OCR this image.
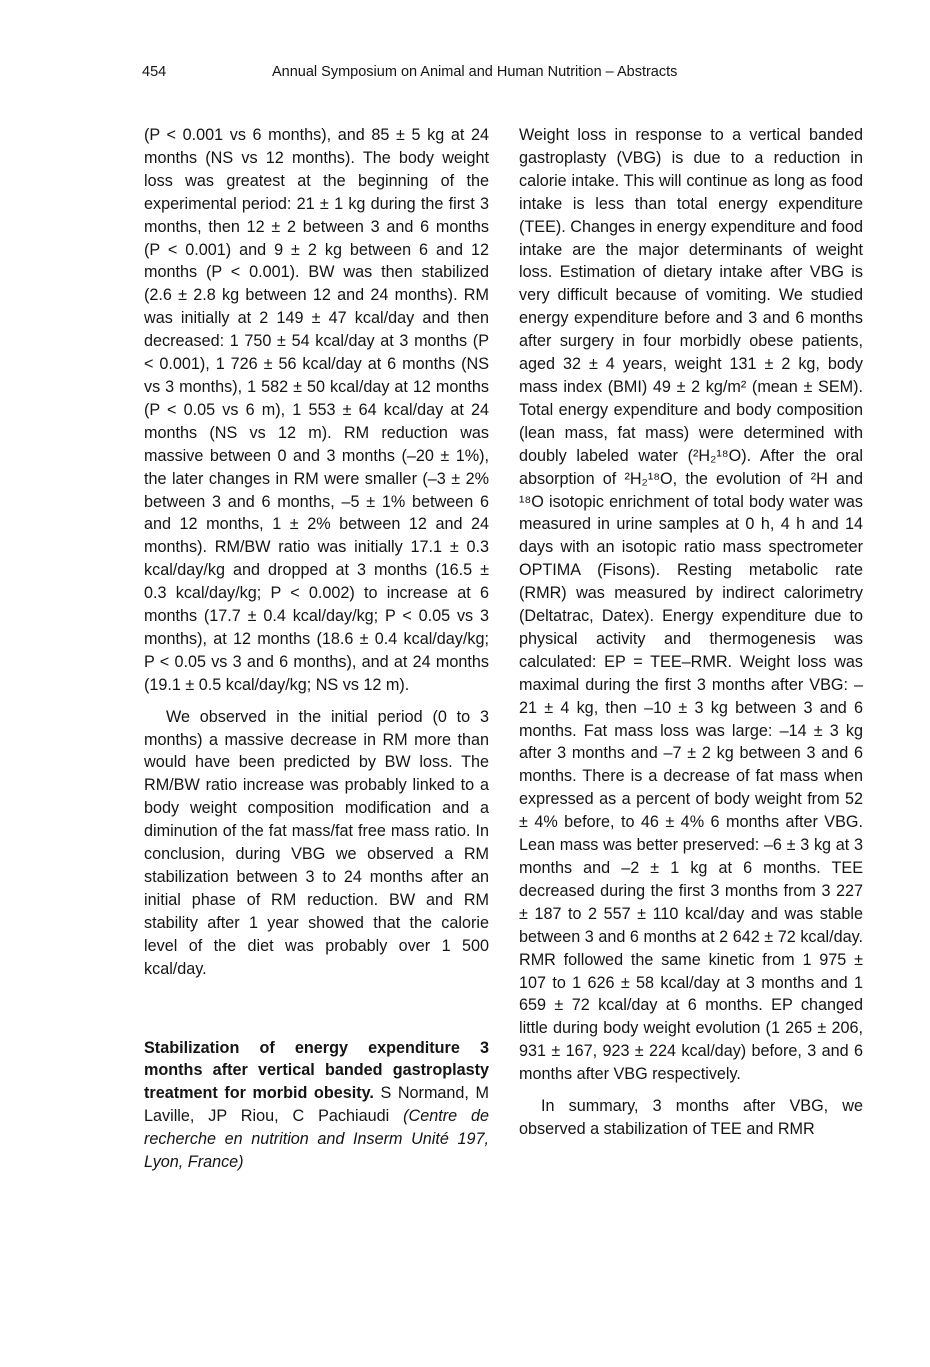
454	Annual Symposium on Animal and Human Nutrition – Abstracts

(P < 0.001 vs 6 months), and 85 ± 5 kg at 24 months (NS vs 12 months). The body weight loss was greatest at the beginning of the experimental period: 21 ± 1 kg during the first 3 months, then 12 ± 2 between 3 and 6 months (P < 0.001) and 9 ± 2 kg between 6 and 12 months (P < 0.001). BW was then stabilized (2.6 ± 2.8 kg between 12 and 24 months). RM was initially at 2 149 ± 47 kcal/day and then decreased: 1 750 ± 54 kcal/day at 3 months (P < 0.001), 1 726 ± 56 kcal/day at 6 months (NS vs 3 months), 1 582 ± 50 kcal/day at 12 months (P < 0.05 vs 6 m), 1 553 ± 64 kcal/day at 24 months (NS vs 12 m). RM reduction was massive between 0 and 3 months (–20 ± 1%), the later changes in RM were smaller (–3 ± 2% between 3 and 6 months, –5 ± 1% between 6 and 12 months, 1 ± 2% between 12 and 24 months). RM/BW ratio was initially 17.1 ± 0.3 kcal/day/kg and dropped at 3 months (16.5 ± 0.3 kcal/day/kg; P < 0.002) to increase at 6 months (17.7 ± 0.4 kcal/day/kg; P < 0.05 vs 3 months), at 12 months (18.6 ± 0.4 kcal/day/kg; P < 0.05 vs 3 and 6 months), and at 24 months (19.1 ± 0.5 kcal/day/kg; NS vs 12 m).

We observed in the initial period (0 to 3 months) a massive decrease in RM more than would have been predicted by BW loss. The RM/BW ratio increase was probably linked to a body weight composition modification and a diminution of the fat mass/fat free mass ratio. In conclusion, during VBG we observed a RM stabilization between 3 to 24 months after an initial phase of RM reduction. BW and RM stability after 1 year showed that the calorie level of the diet was probably over 1 500 kcal/day.

Stabilization of energy expenditure 3 months after vertical banded gastroplasty treatment for morbid obesity. S Normand, M Laville, JP Riou, C Pachiaudi (Centre de recherche en nutrition and Inserm Unité 197, Lyon, France)

Weight loss in response to a vertical banded gastroplasty (VBG) is due to a reduction in calorie intake. This will continue as long as food intake is less than total energy expenditure (TEE). Changes in energy expenditure and food intake are the major determinants of weight loss. Estimation of dietary intake after VBG is very difficult because of vomiting. We studied energy expenditure before and 3 and 6 months after surgery in four morbidly obese patients, aged 32 ± 4 years, weight 131 ± 2 kg, body mass index (BMI) 49 ± 2 kg/m² (mean ± SEM). Total energy expenditure and body composition (lean mass, fat mass) were determined with doubly labeled water (²H₂¹⁸O). After the oral absorption of ²H₂¹⁸O, the evolution of ²H and ¹⁸O isotopic enrichment of total body water was measured in urine samples at 0 h, 4 h and 14 days with an isotopic ratio mass spectrometer OPTIMA (Fisons). Resting metabolic rate (RMR) was measured by indirect calorimetry (Deltatrac, Datex). Energy expenditure due to physical activity and thermogenesis was calculated: EP = TEE–RMR. Weight loss was maximal during the first 3 months after VBG: –21 ± 4 kg, then –10 ± 3 kg between 3 and 6 months. Fat mass loss was large: –14 ± 3 kg after 3 months and –7 ± 2 kg between 3 and 6 months. There is a decrease of fat mass when expressed as a percent of body weight from 52 ± 4% before, to 46 ± 4% 6 months after VBG. Lean mass was better preserved: –6 ± 3 kg at 3 months and –2 ± 1 kg at 6 months. TEE decreased during the first 3 months from 3 227 ± 187 to 2 557 ± 110 kcal/day and was stable between 3 and 6 months at 2 642 ± 72 kcal/day. RMR followed the same kinetic from 1 975 ± 107 to 1 626 ± 58 kcal/day at 3 months and 1 659 ± 72 kcal/day at 6 months. EP changed little during body weight evolution (1 265 ± 206, 931 ± 167, 923 ± 224 kcal/day) before, 3 and 6 months after VBG respectively.

In summary, 3 months after VBG, we observed a stabilization of TEE and RMR
